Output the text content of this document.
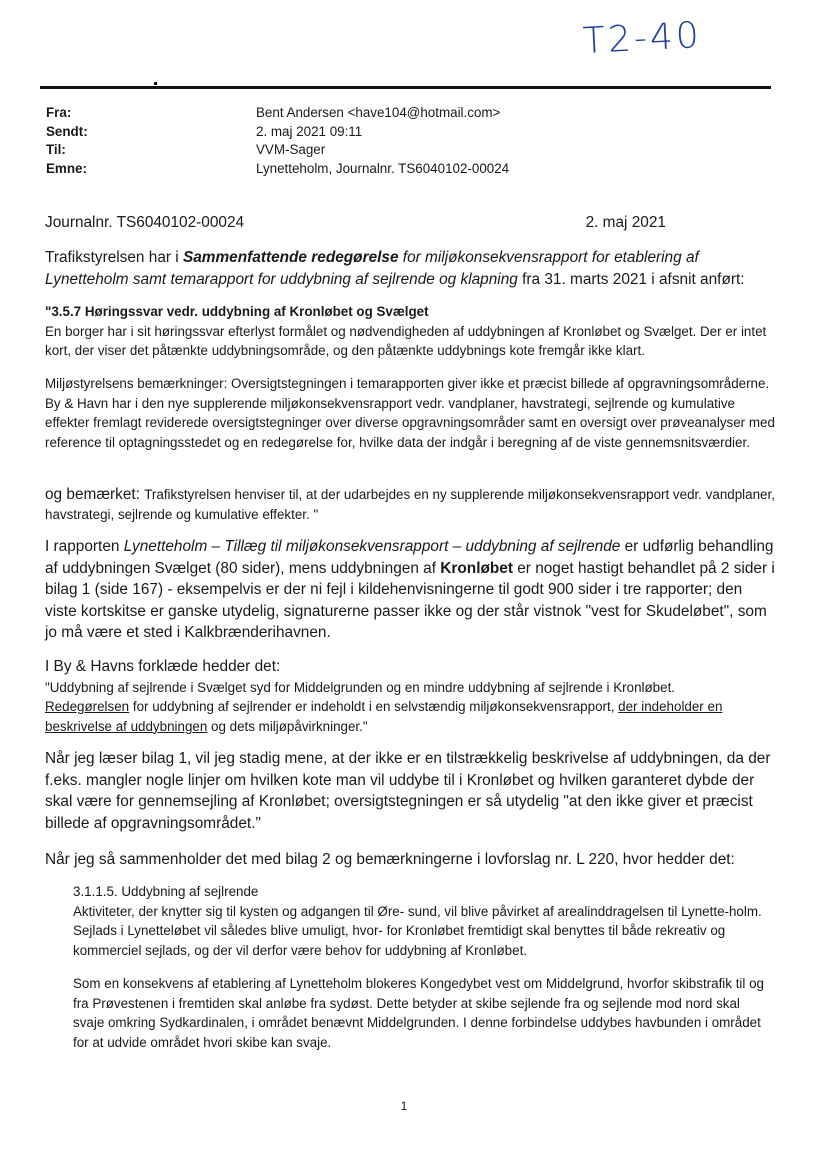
T2-40
Fra:	Bent Andersen <have104@hotmail.com>
Sendt:	2. maj 2021 09:11
Til:	VVM-Sager
Emne:	Lynetteholm, Journalnr. TS6040102-00024
Journalnr. TS6040102-00024	2. maj 2021

Trafikstyrelsen har i Sammenfattende redegørelse for miljøkonsekvensrapport for etablering af Lynetteholm samt temarapport for uddybning af sejlrende og klapning fra 31. marts 2021 i afsnit anført:

"3.5.7 Høringssvar vedr. uddybning af Kronløbet og Svælget

En borger har i sit høringssvar efterlyst formålet og nødvendigheden af uddybningen af Kronløbet og Svælget. Der er intet kort, der viser det påtænkte uddybningsområde, og den påtænkte uddybnings kote fremgår ikke klart.

Miljøstyrelsens bemærkninger: Oversigtstegningen i temarapporten giver ikke et præcist billede af opgravningsområderne. By & Havn har i den nye supplerende miljøkonsekvensrapport vedr. vandplaner, havstrategi, sejlrende og kumulative effekter fremlagt reviderede oversigtstegninger over diverse opgravningsområder samt en oversigt over prøveanalyser med reference til optagningsstedet og en redegørelse for, hvilke data der indgår i beregning af de viste gennemsnitsværdier.

og bemærket: Trafikstyrelsen henviser til, at der udarbejdes en ny supplerende miljøkonsekvensrapport vedr. vandplaner, havstrategi, sejlrende og kumulative effekter. "

I rapporten Lynetteholm – Tillæg til miljøkonsekvensrapport – uddybning af sejlrende er udførlig behandling af uddybningen Svælget (80 sider), mens uddybningen af Kronløbet er noget hastigt behandlet på 2 sider i bilag 1 (side 167) - eksempelvis er der ni fejl i kildehenvisningerne til godt 900 sider i tre rapporter; den viste kortskitse er ganske utydelig, signaturerne passer ikke og der står vistnok "vest for Skudeløbet", som jo må være et sted i Kalkbrænderihavnen.

I By & Havns forklæde hedder det:

"Uddybning af sejlrende i Svælget syd for Middelgrunden og en mindre uddybning af sejlrende i Kronløbet.
Redegørelsen for uddybning af sejlrender er indeholdt i en selvstændig miljøkonsekvensrapport, der indeholder en beskrivelse af uddybningen og dets miljøpåvirkninger."

Når jeg læser bilag 1, vil jeg stadig mene, at der ikke er en tilstrækkelig beskrivelse af uddybningen, da der f.eks. mangler nogle linjer om hvilken kote man vil uddybe til i Kronløbet og hvilken garanteret dybde der skal være for gennemsejling af Kronløbet; oversigtstegningen er så utydelig "at den ikke giver et præcist billede af opgravningsområdet."

Når jeg så sammenholder det med bilag 2 og bemærkningerne i lovforslag nr. L 220, hvor hedder det:

3.1.1.5. Uddybning af sejlrende

Aktiviteter, der knytter sig til kysten og adgangen til Øre- sund, vil blive påvirket af arealinddragelsen til Lynette-holm. Sejlads i Lynetteløbet vil således blive umuligt, hvor- for Kronløbet fremtidigt skal benyttes til både rekreativ og kommerciel sejlads, og der vil derfor være behov for uddybning af Kronløbet.

Som en konsekvens af etablering af Lynetteholm blokeres Kongedybet vest om Middelgrund, hvorfor skibstrafik til og fra Prøvestenen i fremtiden skal anløbe fra sydøst. Dette betyder at skibe sejlende fra og sejlende mod nord skal svaje omkring Sydkardinalen, i området benævnt Middelgrunden. I denne forbindelse uddybes havbunden i området for at udvide området hvori skibe kan svaje.

1
